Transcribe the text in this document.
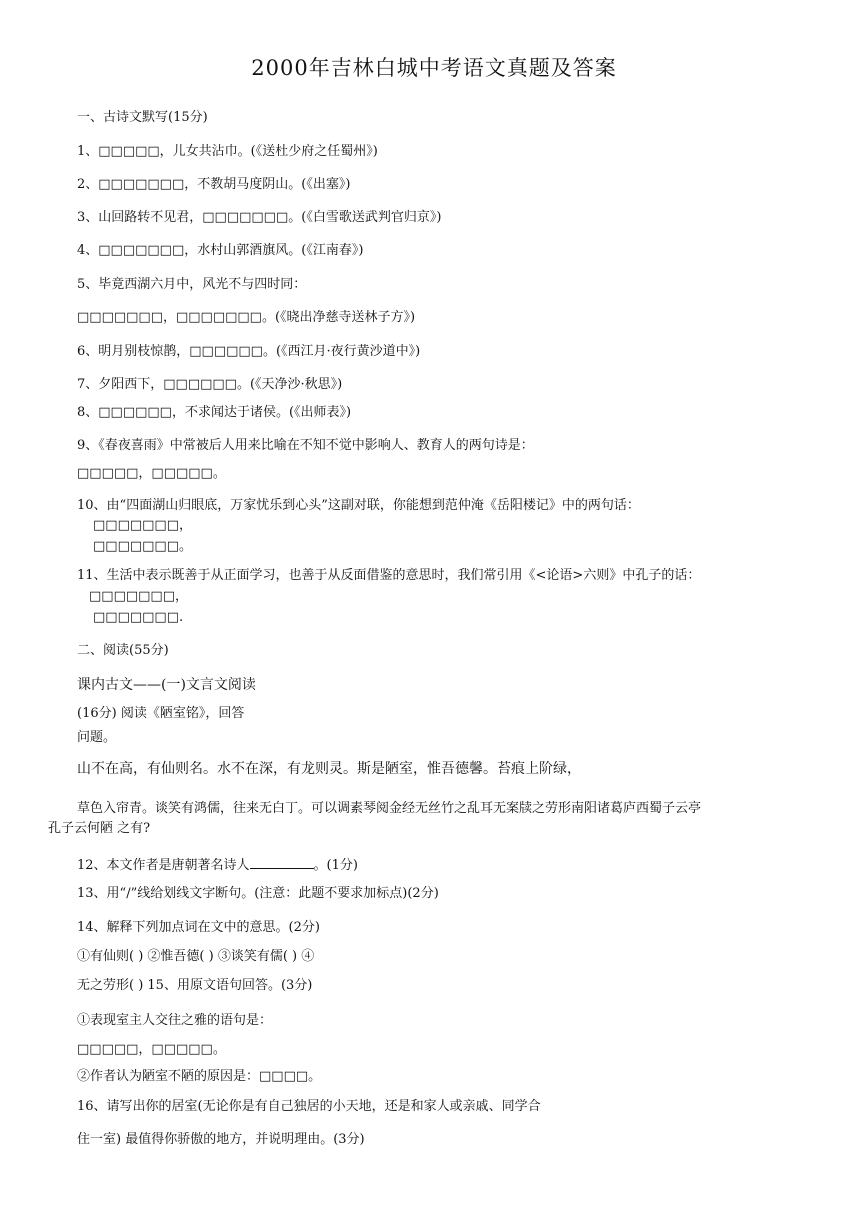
2000年吉林白城中考语文真题及答案

一、古诗文默写(15分)

1、□□□□□，儿女共沾巾。(《送杜少府之任蜀州》)

2、□□□□□□□，不教胡马度阴山。(《出塞》)

3、山回路转不见君，□□□□□□□。(《白雪歌送武判官归京》)

4、□□□□□□□，水村山郭酒旗风。(《江南春》)

5、毕竟西湖六月中，风光不与四时同：

□□□□□□□，□□□□□□□。(《晓出净慈寺送林子方》)

6、明月别枝惊鹊，□□□□□□。(《西江月·夜行黄沙道中》)

7、夕阳西下，□□□□□□。(《天净沙·秋思》)

8、□□□□□□，不求闻达于诸侯。(《出师表》)

9、《春夜喜雨》中常被后人用来比喻在不知不觉中影响人、教育人的两句诗是：

□□□□□，□□□□□。

10、由“四面湖山归眼底，万家忧乐到心头”这副对联，你能想到范仲淹《岳阳楼记》中的两句话：

□□□□□□□，

□□□□□□□。

11、生活中表示既善于从正面学习，也善于从反面借鉴的意思时，我们常引用《<论语>六则》中孔子的话：

□□□□□□□，

□□□□□□□.

二、阅读(55分)

课内古文——(一)文言文阅读

(16分) 阅读《陋室铭》，回答

问题。

山不在高，有仙则名。水不在深，有龙则灵。斯是陋室，惟吾德馨。苔痕上阶绿，

草色入帘青。谈笑有鸿儒，往来无白丁。可以调素琴阅金经无丝竹之乱耳无案牍之劳形南阳诸葛庐西蜀子云亭

孔子云何陋 之有?

12、本文作者是唐朝著名诗人	。(1分)

13、用“/”线给划线文字断句。(注意：此题不要求加标点)(2分)

14、解释下列加点词在文中的意思。(2分)

①有仙则( ) ②惟吾德( ) ③谈笑有儒( ) ④

无之劳形( ) 15、用原文语句回答。(3分)

①表现室主人交往之雅的语句是：

□□□□□，□□□□□。

②作者认为陋室不陋的原因是：□□□□。

16、请写出你的居室(无论你是有自己独居的小天地，还是和家人或亲戚、同学合

住一室) 最值得你骄傲的地方，并说明理由。(3分)
